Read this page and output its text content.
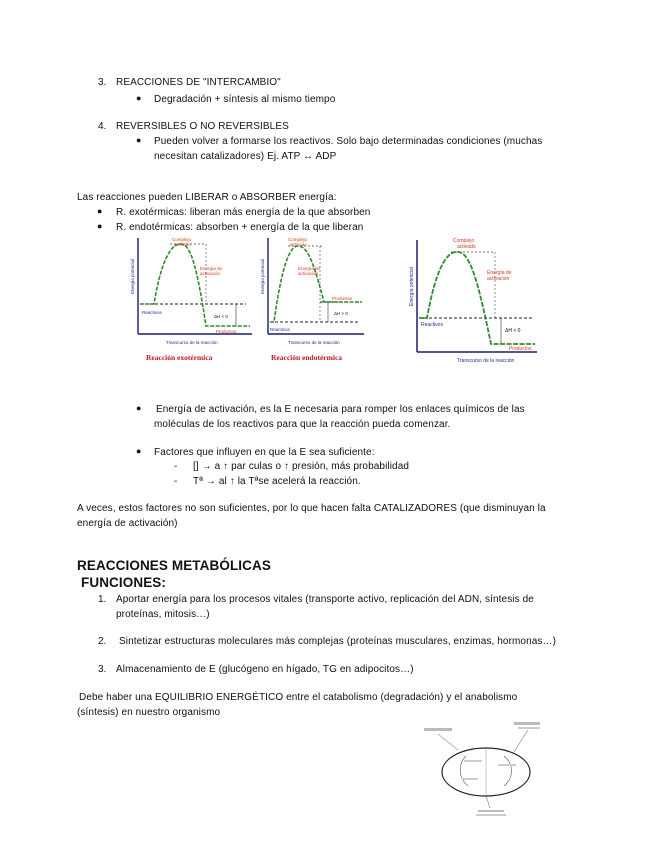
3. REACCIONES DE "INTERCAMBIO"
● Degradación + síntesis al mismo tiempo
4. REVERSIBLES O NO REVERSIBLES
● Pueden volver a formarse los reactivos. Solo bajo determinadas condiciones (muchas
necesitan catalizadores) Ej. ATP ↔ ADP
Las reacciones pueden LIBERAR o ABSORBER energía:
● R. exotérmicas: liberan más energía de la que absorben
● R. endotérmicas: absorben + energía de la que liberan
Energía potencial
Complejo
activado
Energía de
activación
Reactivos
Productos
ΔH < 0
Transcurso de la reacción
Reacción exotérmica
Energía potencial
Complejo
activado
Energía de
activación
Reactivos
Productos
ΔH > 0
Transcurso de la reacción
Reacción endotérmica
Energía potencial
Complejo
activado
Energía de
activación
Reactivos
Productos
ΔH < 0
Transcurso de la reacción
● Energía de activación, es la E necesaria para romper los enlaces químicos de las
moléculas de los reactivos para que la reacción pueda comenzar.
● Factores que influyen en que la E sea suficiente:
- [] → a ↑ par culas o ↑ presión, más probabilidad
- Tª → al ↑ la Tªse acelerá la reacción.
A veces, estos factores no son suficientes, por lo que hacen falta CATALIZADORES (que disminuyan la
energía de activación)
REACCIONES METABÓLICAS
FUNCIONES:
1. Aportar energía para los procesos vitales (transporte activo, replicación del ADN, síntesis de
proteínas, mitosis…)
2. Sintetizar estructuras moleculares más complejas (proteínas musculares, enzimas, hormonas…)
3. Almacenamiento de E (glucógeno en hígado, TG en adipocitos…)
Debe haber una EQUILIBRIO ENERGÉTICO entre el catabolismo (degradación) y el anabolismo
(síntesis) en nuestro organismo
